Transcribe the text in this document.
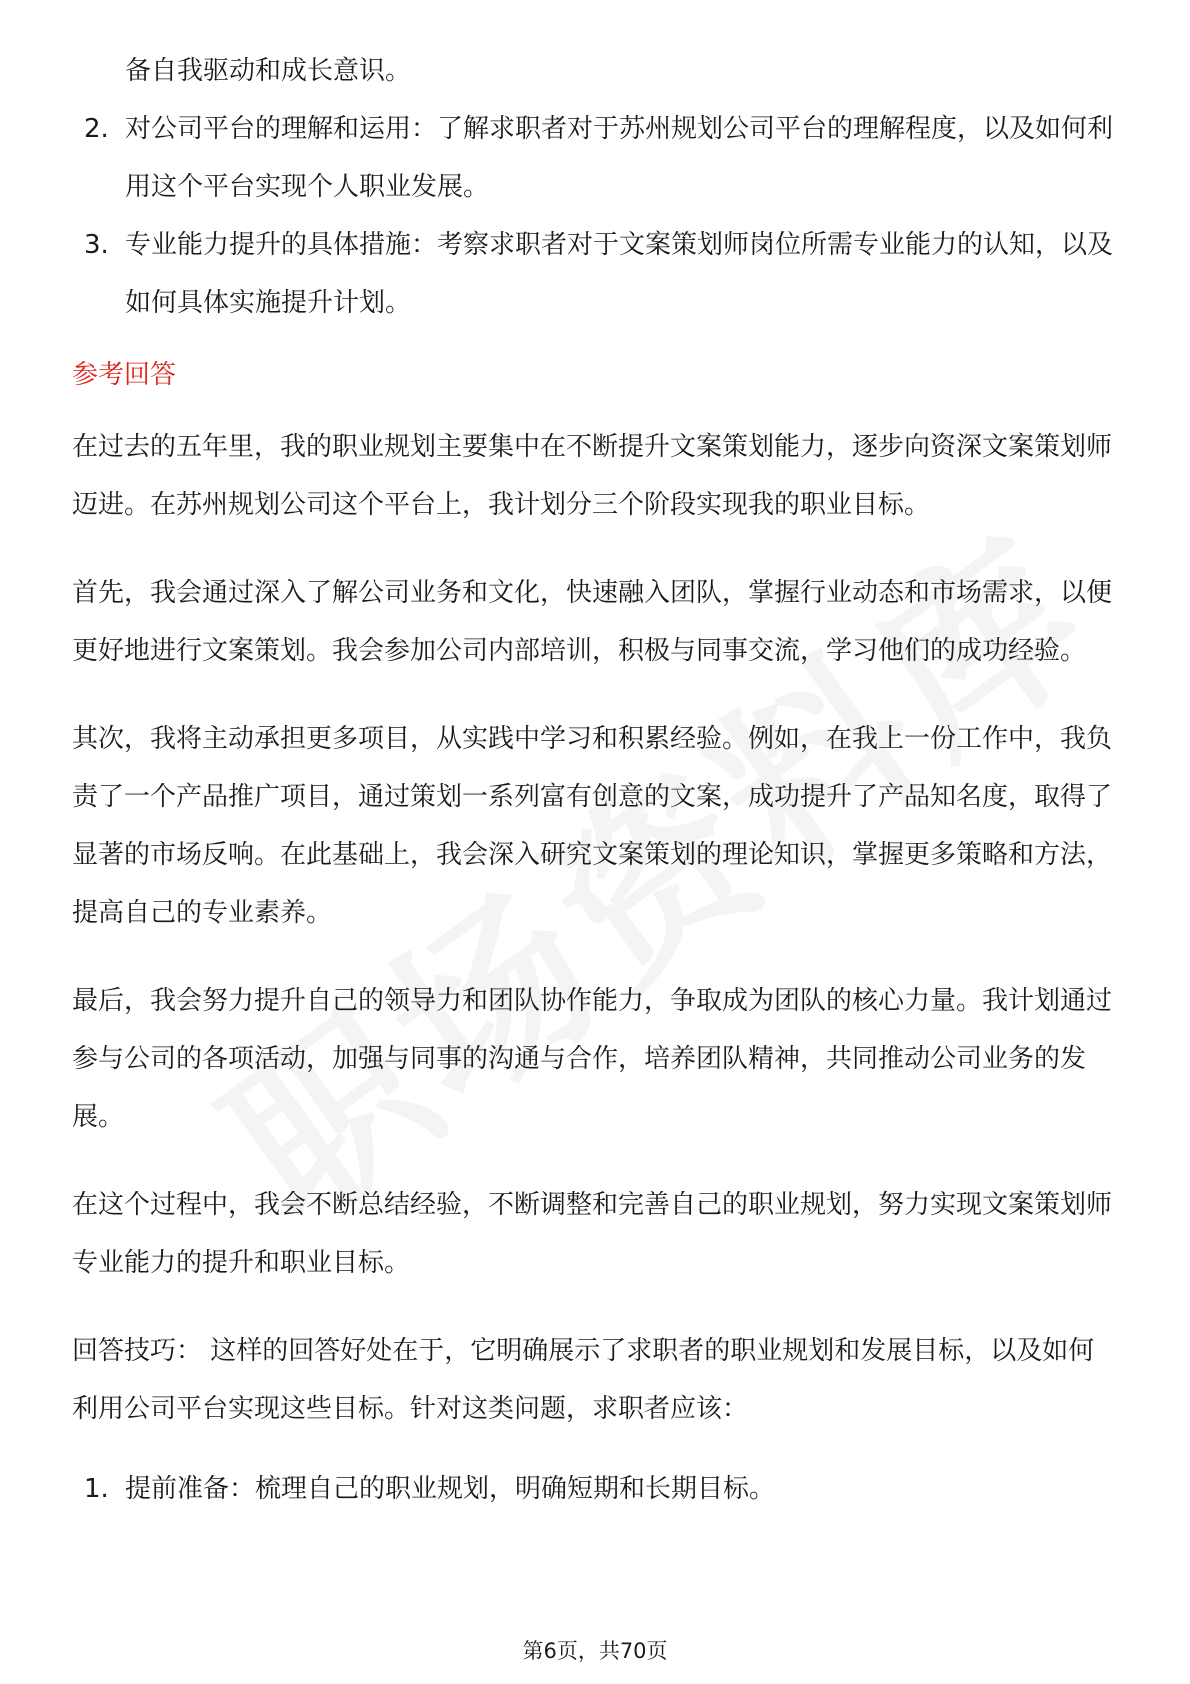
备自我驱动和成长意识。

2. 对公司平台的理解和运用：了解求职者对于苏州规划公司平台的理解程度，以及如何利用这个平台实现个人职业发展。
3. 专业能力提升的具体措施：考察求职者对于文案策划师岗位所需专业能力的认知，以及如何具体实施提升计划。
参考回答

在过去的五年里，我的职业规划主要集中在不断提升文案策划能力，逐步向资深文案策划师迈进。在苏州规划公司这个平台上，我计划分三个阶段实现我的职业目标。

首先，我会通过深入了解公司业务和文化，快速融入团队，掌握行业动态和市场需求，以便更好地进行文案策划。我会参加公司内部培训，积极与同事交流，学习他们的成功经验。

其次，我将主动承担更多项目，从实践中学习和积累经验。例如，在我上一份工作中，我负责了一个产品推广项目，通过策划一系列富有创意的文案，成功提升了产品知名度，取得了显著的市场反响。在此基础上，我会深入研究文案策划的理论知识，掌握更多策略和方法，提高自己的专业素养。

最后，我会努力提升自己的领导力和团队协作能力，争取成为团队的核心力量。我计划通过参与公司的各项活动，加强与同事的沟通与合作，培养团队精神，共同推动公司业务的发展。

在这个过程中，我会不断总结经验，不断调整和完善自己的职业规划，努力实现文案策划师专业能力的提升和职业目标。

回答技巧： 这样的回答好处在于，它明确展示了求职者的职业规划和发展目标，以及如何利用公司平台实现这些目标。针对这类问题，求职者应该：

1. 提前准备：梳理自己的职业规划，明确短期和长期目标。
第6页，共70页
